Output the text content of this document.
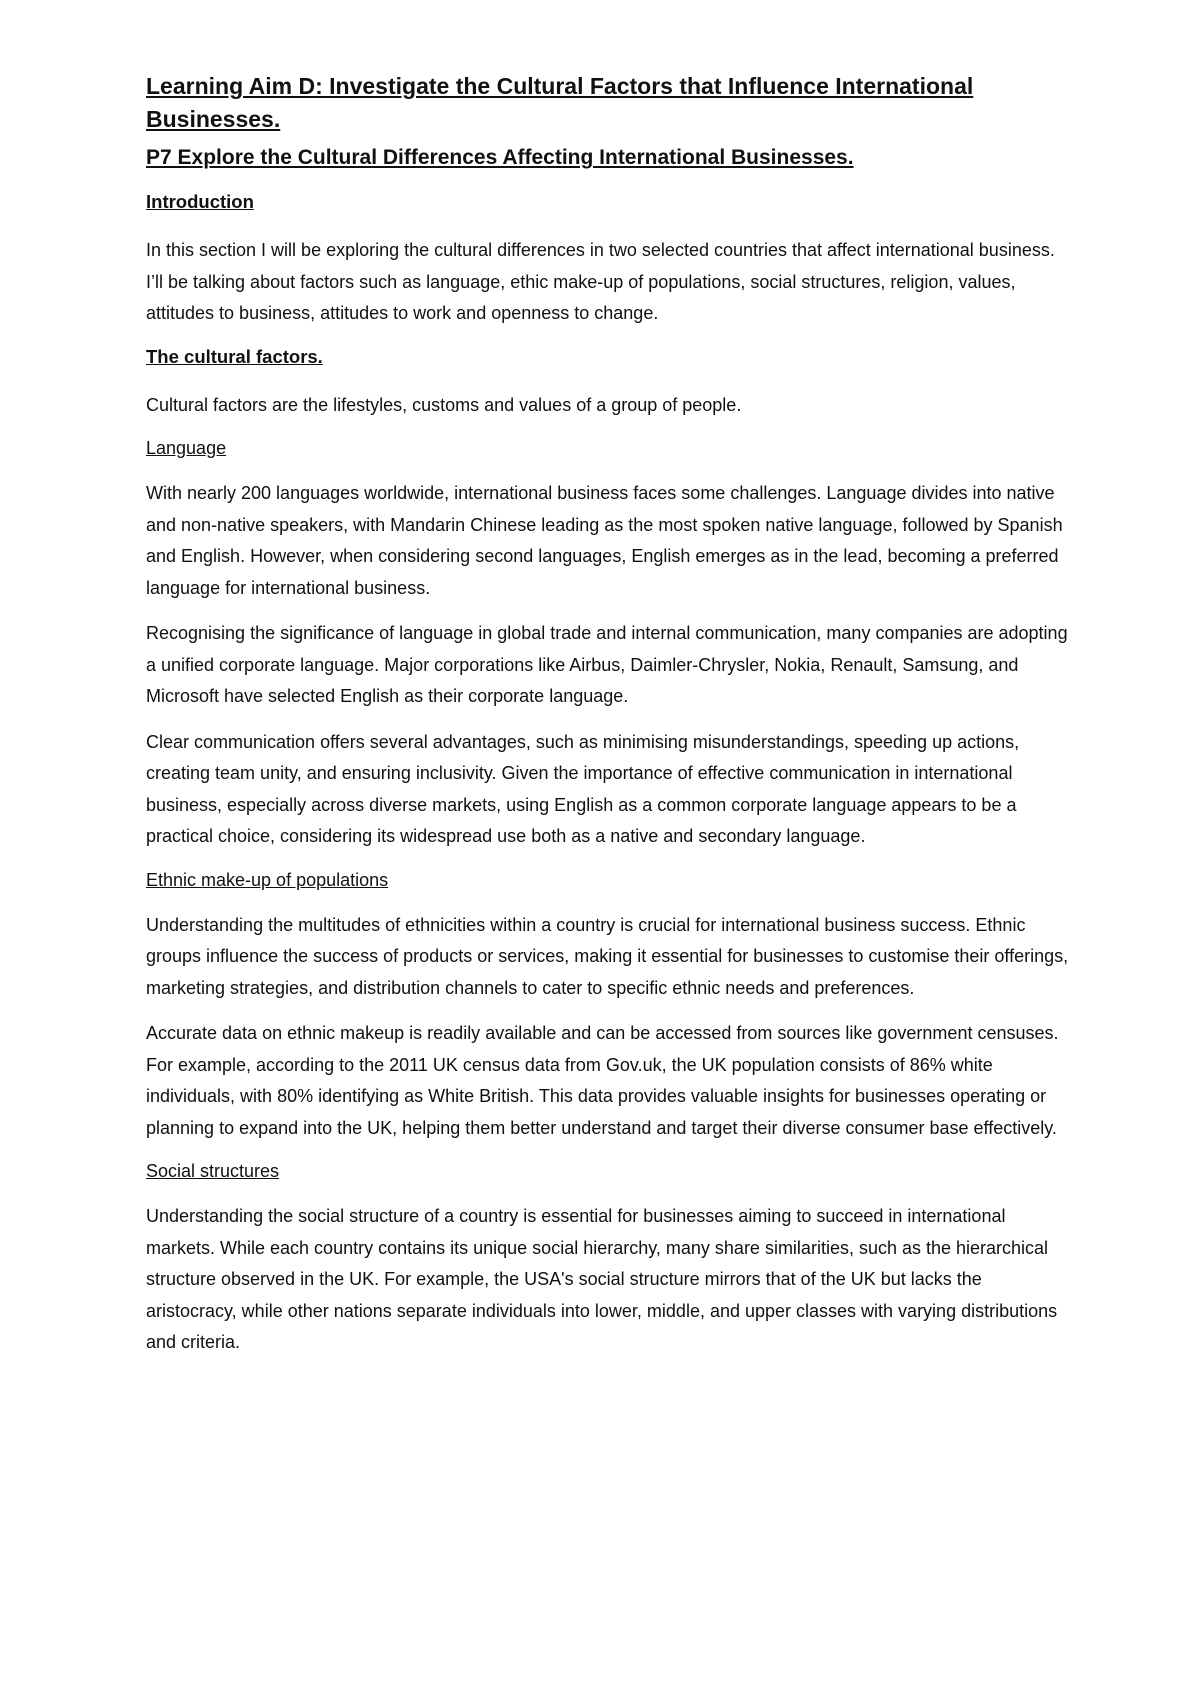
Learning Aim D: Investigate the Cultural Factors that Influence International Businesses.
P7 Explore the Cultural Differences Affecting International Businesses.
Introduction

In this section I will be exploring the cultural differences in two selected countries that affect international business. I’ll be talking about factors such as language, ethic make-up of populations, social structures, religion, values, attitudes to business, attitudes to work and openness to change.

The cultural factors.

Cultural factors are the lifestyles, customs and values of a group of people.

Language

With nearly 200 languages worldwide, international business faces some challenges. Language divides into native and non-native speakers, with Mandarin Chinese leading as the most spoken native language, followed by Spanish and English. However, when considering second languages, English emerges as in the lead, becoming a preferred language for international business.

Recognising the significance of language in global trade and internal communication, many companies are adopting a unified corporate language. Major corporations like Airbus, Daimler-Chrysler, Nokia, Renault, Samsung, and Microsoft have selected English as their corporate language.

Clear communication offers several advantages, such as minimising misunderstandings, speeding up actions, creating team unity, and ensuring inclusivity. Given the importance of effective communication in international business, especially across diverse markets, using English as a common corporate language appears to be a practical choice, considering its widespread use both as a native and secondary language.

Ethnic make-up of populations

Understanding the multitudes of ethnicities within a country is crucial for international business success. Ethnic groups influence the success of products or services, making it essential for businesses to customise their offerings, marketing strategies, and distribution channels to cater to specific ethnic needs and preferences.

Accurate data on ethnic makeup is readily available and can be accessed from sources like government censuses. For example, according to the 2011 UK census data from Gov.uk, the UK population consists of 86% white individuals, with 80% identifying as White British. This data provides valuable insights for businesses operating or planning to expand into the UK, helping them better understand and target their diverse consumer base effectively.

Social structures

Understanding the social structure of a country is essential for businesses aiming to succeed in international markets. While each country contains its unique social hierarchy, many share similarities, such as the hierarchical structure observed in the UK. For example, the USA's social structure mirrors that of the UK but lacks the aristocracy, while other nations separate individuals into lower, middle, and upper classes with varying distributions and criteria.
